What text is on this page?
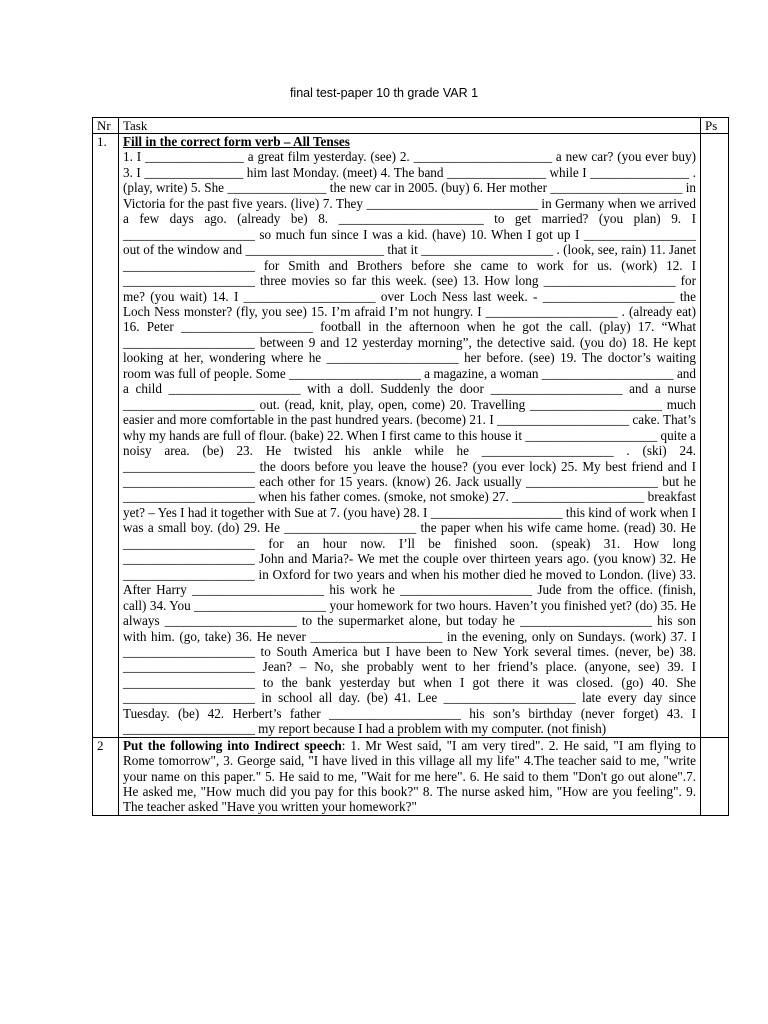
final test-paper 10 th grade VAR 1
Nr	Task	Ps
1.	Fill in the correct form verb – All Tenses
1. I _______________ a great film yesterday. (see) 2. _____________________ a new car? (you ever buy) 3. I _______________ him last Monday. (meet) 4. The band _______________ while I _______________ . (play, write) 5. She _______________ the new car in 2005. (buy) 6. Her mother ____________________ in Victoria for the past five years. (live) 7. They __________________________ in Germany when we arrived a few days ago. (already be) 8. ______________________ to get married? (you plan) 9. I ____________________ so much fun since I was a kid. (have) 10. When I got up I _________________ out of the window and _____________________ that it ____________________ . (look, see, rain) 11. Janet ____________________ for Smith and Brothers before she came to work for us. (work) 12. I ____________________ three movies so far this week. (see) 13. How long ____________________ for me? (you wait) 14. I ____________________ over Loch Ness last week. - ____________________ the Loch Ness monster? (fly, you see) 15. I’m afraid I’m not hungry. I ____________________ . (already eat) 16. Peter ____________________ football in the afternoon when he got the call. (play) 17. “What ____________________ between 9 and 12 yesterday morning”, the detective said. (you do) 18. He kept looking at her, wondering where he ____________________ her before. (see) 19. The doctor’s waiting room was full of people. Some ____________________ a magazine, a woman ____________________ and a child ____________________ with a doll. Suddenly the door ____________________ and a nurse ____________________ out. (read, knit, play, open, come) 20. Travelling ____________________ much easier and more comfortable in the past hundred years. (become) 21. I ____________________ cake. That’s why my hands are full of flour. (bake) 22. When I first came to this house it ____________________ quite a noisy area. (be) 23. He twisted his ankle while he ____________________ . (ski) 24. ____________________ the doors before you leave the house? (you ever lock) 25. My best friend and I ____________________ each other for 15 years. (know) 26. Jack usually ____________________ but he ____________________ when his father comes. (smoke, not smoke) 27. ____________________ breakfast yet? – Yes I had it together with Sue at 7. (you have) 28. I ____________________ this kind of work when I was a small boy. (do) 29. He ____________________ the paper when his wife came home. (read) 30. He ____________________ for an hour now. I’ll be finished soon. (speak) 31. How long ____________________ John and Maria?- We met the couple over thirteen years ago. (you know) 32. He ____________________ in Oxford for two years and when his mother died he moved to London. (live) 33. After Harry ____________________ his work he ____________________ Jude from the office. (finish, call) 34. You ____________________ your homework for two hours. Haven’t you finished yet? (do) 35. He always ____________________ to the supermarket alone, but today he ____________________ his son with him. (go, take) 36. He never ____________________ in the evening, only on Sundays. (work) 37. I ____________________ to South America but I have been to New York several times. (never, be) 38. ____________________ Jean? – No, she probably went to her friend’s place. (anyone, see) 39. I ____________________ to the bank yesterday but when I got there it was closed. (go) 40. She ____________________ in school all day. (be) 41. Lee ____________________ late every day since Tuesday. (be) 42. Herbert’s father ____________________ his son’s birthday (never forget) 43. I ____________________ my report because I had a problem with my computer. (not finish)	

2	Put the following into Indirect speech: 1. Mr West said, "I am very tired". 2. He said, "I am flying to Rome tomorrow", 3. George said, "I have lived in this village all my life" 4.The teacher said to me, "write your name on this paper." 5. He said to me, "Wait for me here". 6. He said to them "Don't go out alone".7. He asked me, "How much did you pay for this book?" 8. The nurse asked him, "How are you feeling". 9. The teacher asked "Have you written your homework?"	
